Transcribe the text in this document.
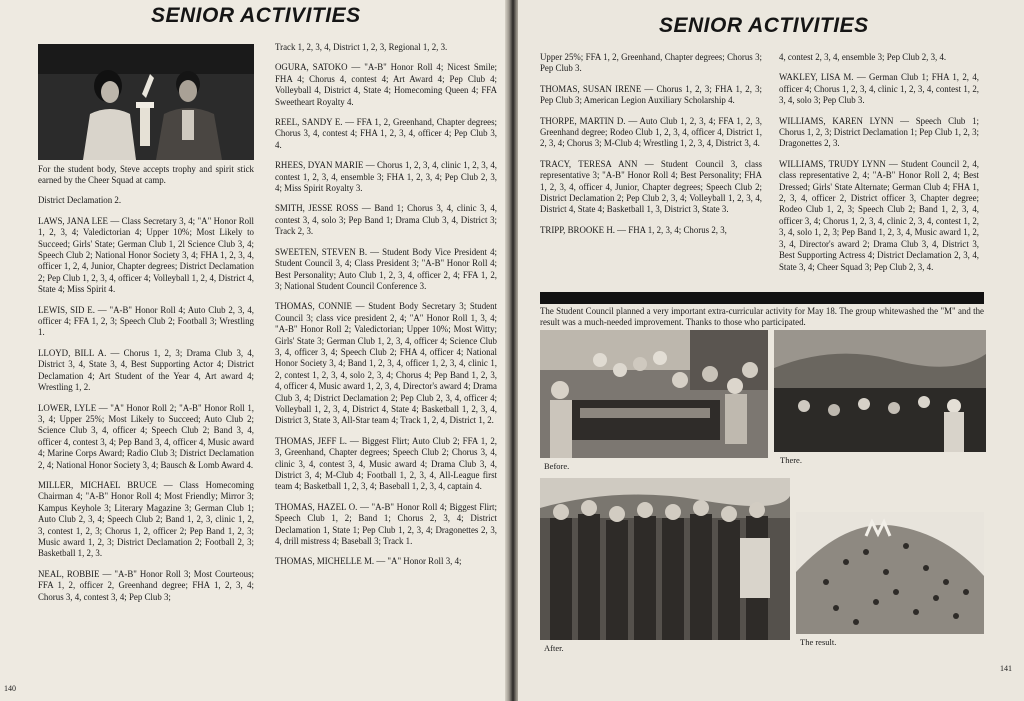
SENIOR ACTIVITIES
For the student body, Steve accepts trophy and spirit stick earned by the Cheer Squad at camp.

District Declamation 2.

LAWS, JANA LEE — Class Secretary 3, 4; "A" Honor Roll 1, 2, 3, 4; Valedictorian 4; Upper 10%; Most Likely to Succeed; Girls' State; German Club 1, 2l Science Club 3, 4; Speech Club 2; National Honor Society 3, 4; FHA 1, 2, 3, 4, officer 1, 2, 4, Junior, Chapter degrees; District Declamation 2; Pep Club 1, 2, 3, 4, officer 4; Volleyball 1, 2, 4, District 4, State 4; Miss Spirit 4.

LEWIS, SID E. — "A-B" Honor Roll 4; Auto Club 2, 3, 4, officer 4; FFA 1, 2, 3; Speech Club 2; Football 3; Wrestling 1.

LLOYD, BILL A. — Chorus 1, 2, 3; Drama Club 3, 4, District 3, 4, State 3, 4, Best Supporting Actor 4; District Declamation 4; Art Student of the Year 4, Art award 4; Wrestling 1, 2.

LOWER, LYLE — "A" Honor Roll 2; "A-B" Honor Roll 1, 3, 4; Upper 25%; Most Likely to Succeed; Auto Club 2; Science Club 3, 4, officer 4; Speech Club 2; Band 3, 4, officer 4, contest 3, 4; Pep Band 3, 4, officer 4, Music award 4; Marine Corps Award; Radio Club 3; District Declamation 2, 4; National Honor Society 3, 4; Bausch & Lomb Award 4.

MILLER, MICHAEL BRUCE — Class Homecoming Chairman 4; "A-B" Honor Roll 4; Most Friendly; Mirror 3; Kampus Keyhole 3; Literary Magazine 3; German Club 1; Auto Club 2, 3, 4; Speech Club 2; Band 1, 2, 3, clinic 1, 2, 3, contest 1, 2, 3; Chorus 1, 2, officer 2; Pep Band 1, 2, 3; Music award 1, 2, 3; District Declamation 2; Football 2, 3; Basketball 1, 2, 3.

NEAL, ROBBIE — "A-B" Honor Roll 3; Most Courteous; FFA 1, 2, officer 2, Greenhand degree; FHA 1, 2, 3, 4; Chorus 3, 4, contest 3, 4; Pep Club 3;

Track 1, 2, 3, 4, District 1, 2, 3, Regional 1, 2, 3.

OGURA, SATOKO — "A-B" Honor Roll 4; Nicest Smile; FHA 4; Chorus 4, contest 4; Art Award 4; Pep Club 4; Volleyball 4, District 4, State 4; Homecoming Queen 4; FFA Sweetheart Royalty 4.

REEL, SANDY E. — FFA 1, 2, Greenhand, Chapter degrees; Chorus 3, 4, contest 4; FHA 1, 2, 3, 4, officer 4; Pep Club 3, 4.

RHEES, DYAN MARIE — Chorus 1, 2, 3, 4, clinic 1, 2, 3, 4, contest 1, 2, 3, 4, ensemble 3; FHA 1, 2, 3, 4; Pep Club 2, 3, 4; Miss Spirit Royalty 3.

SMITH, JESSE ROSS — Band 1; Chorus 3, 4, clinic 3, 4, contest 3, 4, solo 3; Pep Band 1; Drama Club 3, 4, District 3; Track 2, 3.

SWEETEN, STEVEN B. — Student Body Vice President 4; Student Council 3, 4; Class President 3; "A-B" Honor Roll 4; Best Personality; Auto Club 1, 2, 3, 4, officer 2, 4; FFA 1, 2, 3; National Student Council Conference 3.

THOMAS, CONNIE — Student Body Secretary 3; Student Council 3; class vice president 2, 4; "A" Honor Roll 1, 3, 4; "A-B" Honor Roll 2; Valedictorian; Upper 10%; Most Witty; Girls' State 3; German Club 1, 2, 3, 4, officer 4; Science Club 3, 4, officer 3, 4; Speech Club 2; FHA 4, officer 4; National Honor Society 3, 4; Band 1, 2, 3, 4, officer 1, 2, 3, 4, clinic 1, 2, contest 1, 2, 3, 4, solo 2, 3, 4; Chorus 4; Pep Band 1, 2, 3, 4, officer 4, Music award 1, 2, 3, 4, Director's award 4; Drama Club 3, 4; District Declamation 2; Pep Club 2, 3, 4, officer 4; Volleyball 1, 2, 3, 4, District 4, State 4; Basketball 1, 2, 3, 4, District 3, State 3, All-Star team 4; Track 1, 2, 4, District 1, 2.

THOMAS, JEFF L. — Biggest Flirt; Auto Club 2; FFA 1, 2, 3, Greenhand, Chapter degrees; Speech Club 2; Chorus 3, 4, clinic 3, 4, contest 3, 4, Music award 4; Drama Club 3, 4, District 3, 4; M-Club 4; Football 1, 2, 3, 4, All-League first team 4; Basketball 1, 2, 3, 4; Baseball 1, 2, 3, 4, captain 4.

THOMAS, HAZEL O. — "A-B" Honor Roll 4; Biggest Flirt; Speech Club 1, 2; Band 1; Chorus 2, 3, 4; District Declamation 1, State 1; Pep Club 1, 2, 3, 4; Dragonettes 2, 3, 4, drill mistress 4; Baseball 3; Track 1.

THOMAS, MICHELLE M. — "A" Honor Roll 3, 4;

140
SENIOR ACTIVITIES

Upper 25%; FFA 1, 2, Greenhand, Chapter degrees; Chorus 3; Pep Club 3.

THOMAS, SUSAN IRENE — Chorus 1, 2, 3; FHA 1, 2, 3; Pep Club 3; American Legion Auxiliary Scholarship 4.

THORPE, MARTIN D. — Auto Club 1, 2, 3, 4; FFA 1, 2, 3, Greenhand degree; Rodeo Club 1, 2, 3, 4, officer 4, District 1, 2, 3, 4; Chorus 3; M-Club 4; Wrestling 1, 2, 3, 4, District 3, 4.

TRACY, TERESA ANN — Student Council 3, class representative 3; "A-B" Honor Roll 4; Best Personality; FHA 1, 2, 3, 4, officer 4, Junior, Chapter degrees; Speech Club 2; District Declamation 2; Pep Club 2, 3, 4; Volleyball 1, 2, 3, 4, District 4, State 4; Basketball 1, 3, District 3, State 3.

TRIPP, BROOKE H. — FHA 1, 2, 3, 4; Chorus 2, 3,

4, contest 2, 3, 4, ensemble 3; Pep Club 2, 3, 4.

WAKLEY, LISA M. — German Club 1; FHA 1, 2, 4, officer 4; Chorus 1, 2, 3, 4, clinic 1, 2, 3, 4, contest 1, 2, 3, 4, solo 3; Pep Club 3.

WILLIAMS, KAREN LYNN — Speech Club 1; Chorus 1, 2, 3; District Declamation 1; Pep Club 1, 2, 3; Dragonettes 2, 3.

WILLIAMS, TRUDY LYNN — Student Council 2, 4, class representative 2, 4; "A-B" Honor Roll 2, 4; Best Dressed; Girls' State Alternate; German Club 4; FHA 1, 2, 3, 4, officer 2, District officer 3, Chapter degree; Rodeo Club 1, 2, 3; Speech Club 2; Band 1, 2, 3, 4, officer 3, 4; Chorus 1, 2, 3, 4, clinic 2, 3, 4, contest 1, 2, 3, 4, solo 1, 2, 3; Pep Band 1, 2, 3, 4, Music award 1, 2, 3, 4, Director's award 2; Drama Club 3, 4, District 3, Best Supporting Actress 4; District Declamation 2, 3, 4, State 3, 4; Cheer Squad 3; Pep Club 2, 3, 4.

The Student Council planned a very important extra-curricular activity for May 18. The group whitewashed the "M" and the result was a much-needed improvement. Thanks to those who participated.
Before.
There.
After.
The result.
141
